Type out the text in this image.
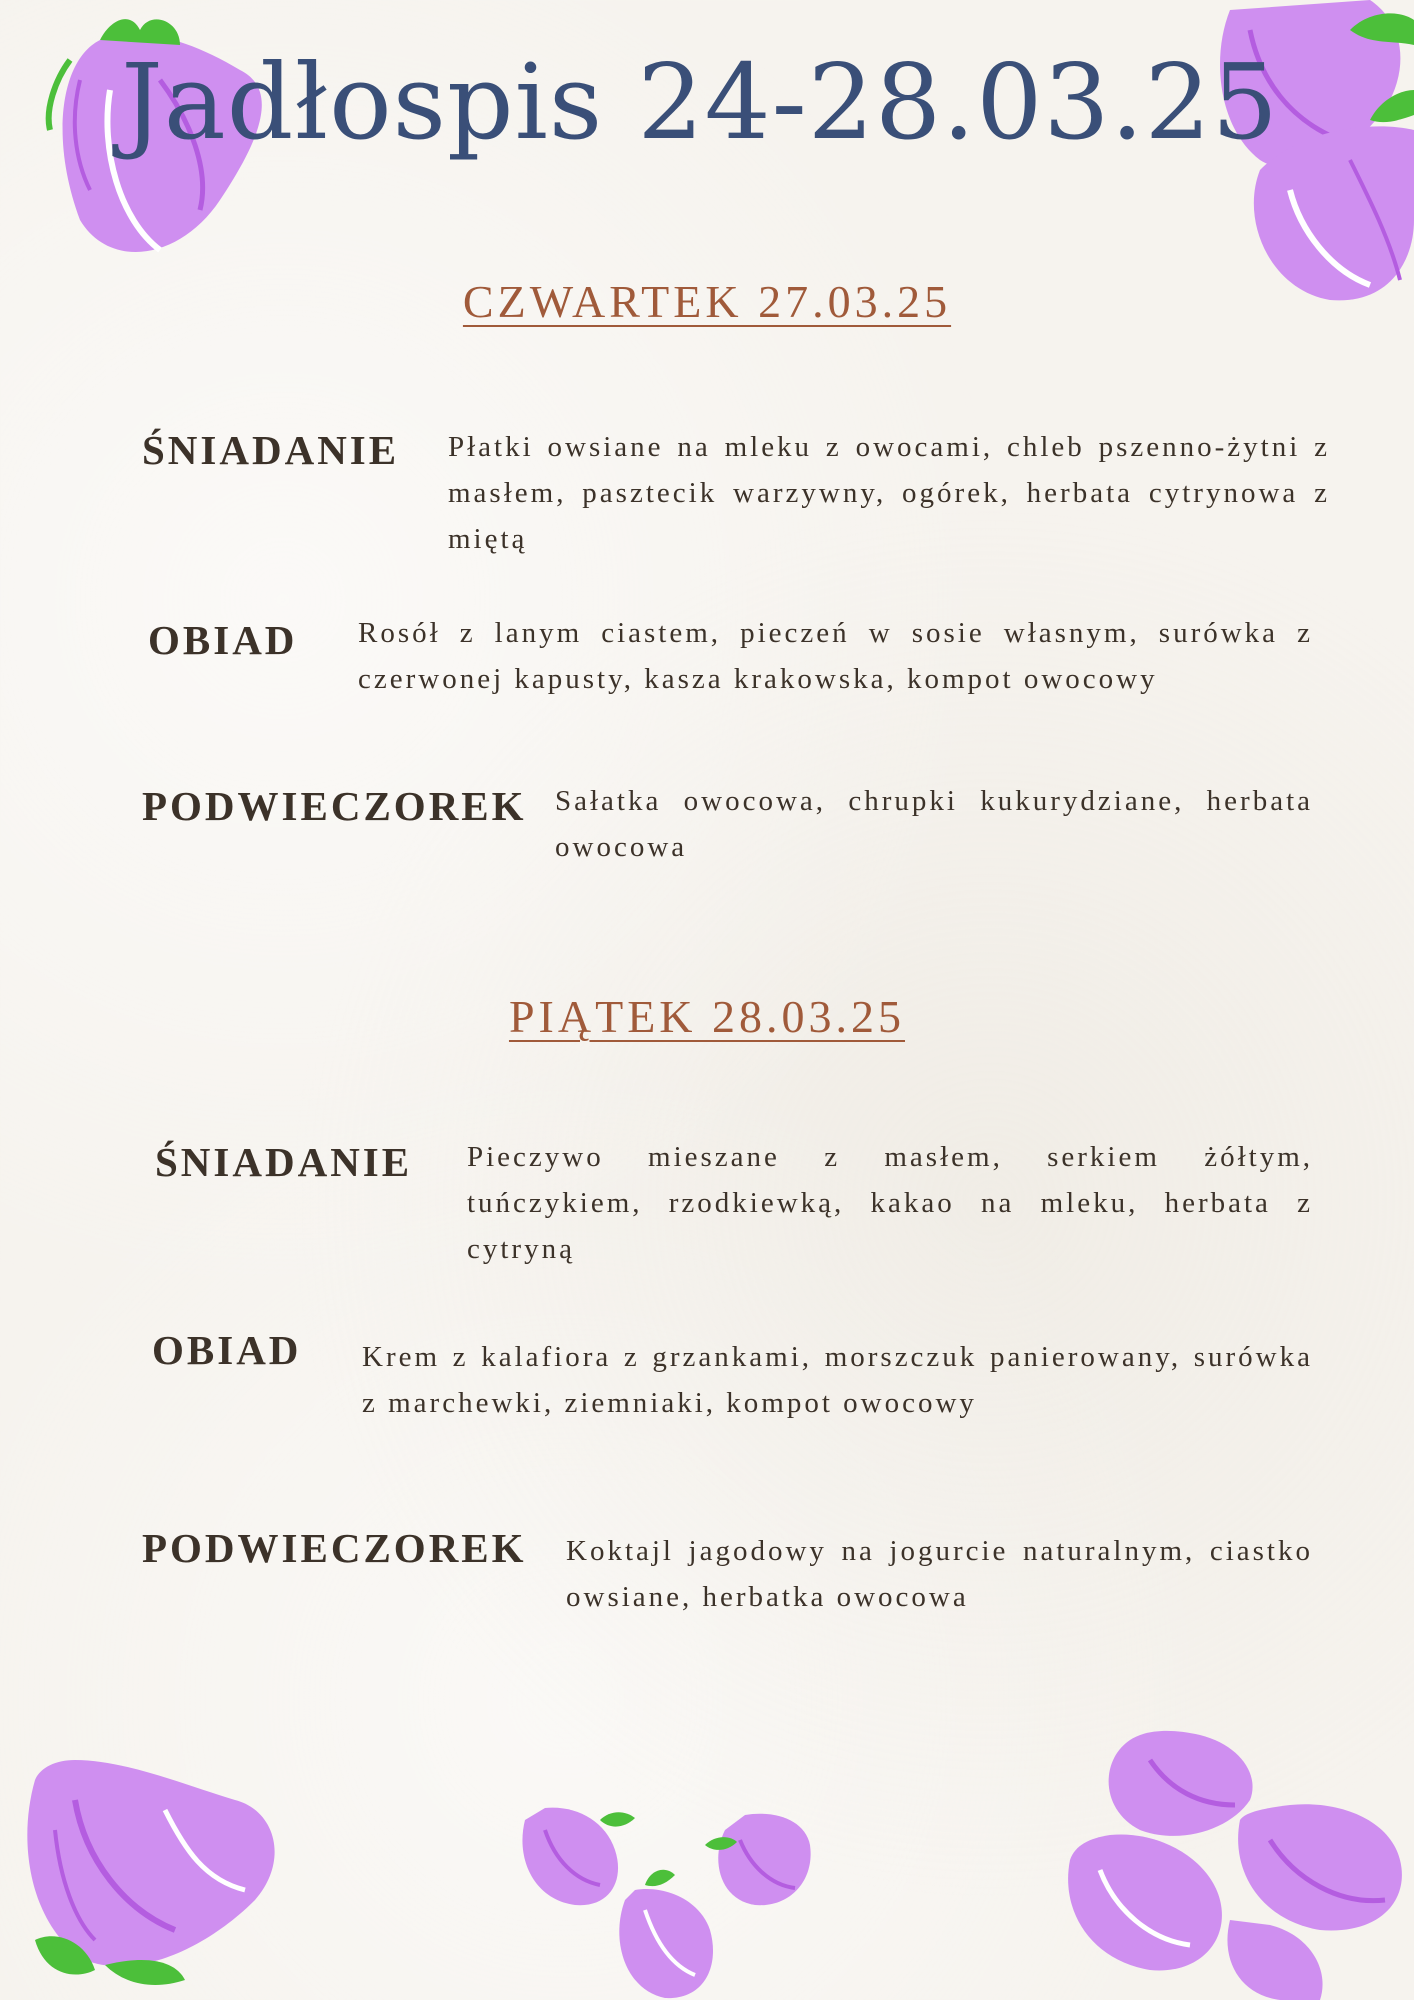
Jadłospis 24-28.03.25
CZWARTEK 27.03.25
ŚNIADANIE Płatki owsiane na mleku z owocami, chleb pszenno-żytni z masłem, pasztecik warzywny, ogórek, herbata cytrynowa z miętą
OBIAD Rosół z lanym ciastem, pieczeń w sosie własnym, surówka z czerwonej kapusty, kasza krakowska, kompot owocowy
PODWIECZOREK Sałatka owocowa, chrupki kukurydziane, herbata owocowa
PIĄTEK 28.03.25
ŚNIADANIE Pieczywo mieszane z masłem, serkiem żółtym, tuńczykiem, rzodkiewką, kakao na mleku, herbata z cytryną
OBIAD Krem z kalafiora z grzankami, morszczuk panierowany, surówka z marchewki, ziemniaki, kompot owocowy
PODWIECZOREK Koktajl jagodowy na jogurcie naturalnym, ciastko owsiane, herbatka owocowa
